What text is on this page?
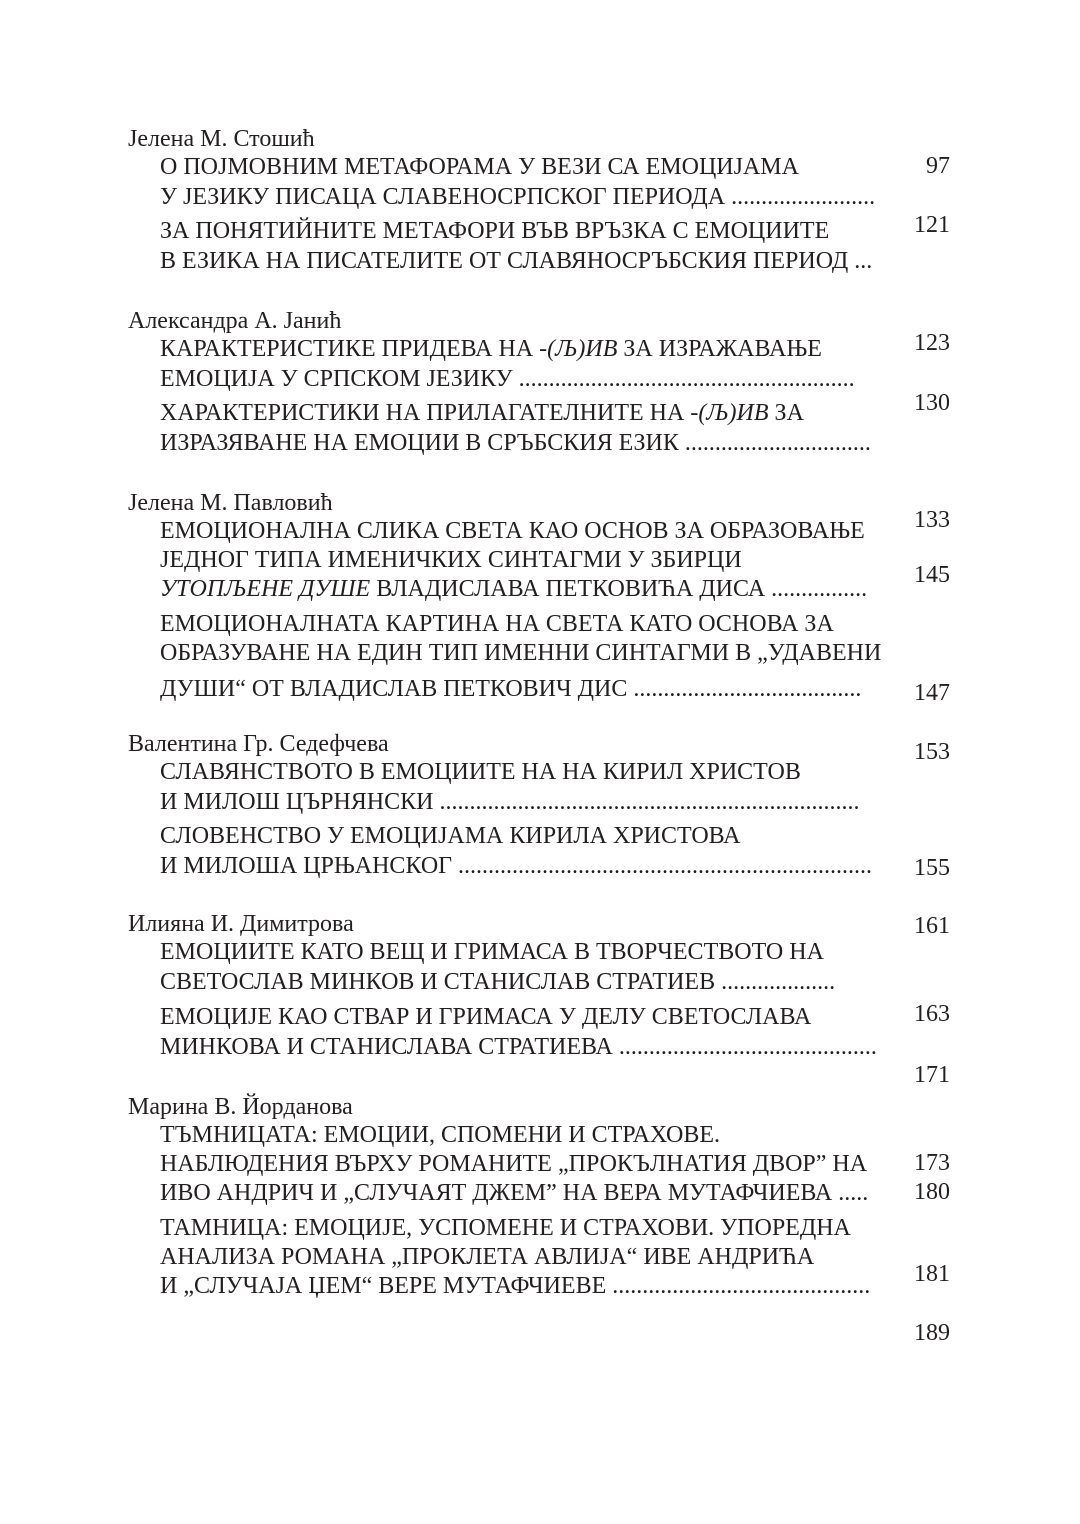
Јелена М. Стошић
О ПОЈМОВНИМ МЕТАФОРАМА У ВЕЗИ СА ЕМОЦИЈАМА
У ЈЕЗИКУ ПИСАЦА СЛАВЕНОСРПСКОГ ПЕРИОДА ........................
ЗА ПОНЯТИЙНИТЕ МЕТАФОРИ ВЪВ ВРЪЗКА С ЕМОЦИИТЕ
В ЕЗИКА НА ПИСАТЕЛИТЕ ОТ СЛАВЯНОСРЪБСКИЯ ПЕРИОД ...
Александра А. Јанић
КАРАКТЕРИСТИКЕ ПРИДЕВА НА -(Љ)ИВ ЗА ИЗРАЖАВАЊЕ
ЕМОЦИЈА У СРПСКОМ ЈЕЗИКУ ........................................................
ХАРАКТЕРИСТИКИ НА ПРИЛАГАТЕЛНИТЕ НА -(Љ)ИВ ЗА
ИЗРАЗЯВАНЕ НА ЕМОЦИИ В СРЪБСКИЯ ЕЗИК ...............................
Јелена М. Павловић
ЕМОЦИОНАЛНА СЛИКА СВЕТА КАО ОСНОВ ЗА ОБРАЗОВАЊЕ
ЈЕДНОГ ТИПА ИМЕНИЧКИХ СИНТАГМИ У ЗБИРЦИ
УТОПЉЕНЕ ДУШЕ ВЛАДИСЛАВА ПЕТКОВИЋА ДИСА ................
ЕМОЦИОНАЛНАТА КАРТИНА НА СВЕТА КАТО ОСНОВА ЗА
ОБРАЗУВАНЕ НА ЕДИН ТИП ИМЕННИ СИНТАГМИ В „УДАВЕНИ
ДУШИ“ ОТ ВЛАДИСЛАВ ПЕТКОВИЧ ДИС ......................................
Валентина Гр. Седефчева
СЛАВЯНСТВОТО В ЕМОЦИИТЕ НА НА КИРИЛ ХРИСТОВ
И МИЛОШ ЦЪРНЯНСКИ ......................................................................
СЛОВЕНСТВО У ЕМОЦИЈАМА КИРИЛА ХРИСТОВА
И МИЛОША ЦРЊАНСКОГ .....................................................................
Илияна И. Димитрова
ЕМОЦИИТЕ КАТО ВЕЩ И ГРИМАСА В ТВОРЧЕСТВОТО НА
СВЕТОСЛАВ МИНКОВ И СТАНИСЛАВ СТРАТИЕВ ...................
ЕМОЦИЈЕ КАО СТВАР И ГРИМАСА У ДЕЛУ СВЕТОСЛАВА
МИНКОВА И СТАНИСЛАВА СТРАТИЕВА ...........................................
Марина В. Йорданова
ТЪМНИЦАТА: ЕМОЦИИ, СПОМЕНИ И СТРАХОВЕ.
НАБЛЮДЕНИЯ ВЪРХУ РОМАНИТЕ „ПРОКЪЛНАТИЯ ДВОР” НА
ИВО АНДРИЧ И „СЛУЧАЯТ ДЖЕМ” НА ВЕРА МУТАФЧИЕВА .....
ТАМНИЦА: ЕМОЦИЈЕ, УСПОМЕНЕ И СТРАХОВИ. УПОРЕДНА
АНАЛИЗА РОМАНА „ПРОКЛЕТА АВЛИЈА“ ИВЕ АНДРИЋА
И „СЛУЧАЈА ЏЕМ“ ВЕРЕ МУТАФЧИЕВЕ ...........................................
97
121
123
130
133
145
147
153
155
161
163
171
173
180
181
189
